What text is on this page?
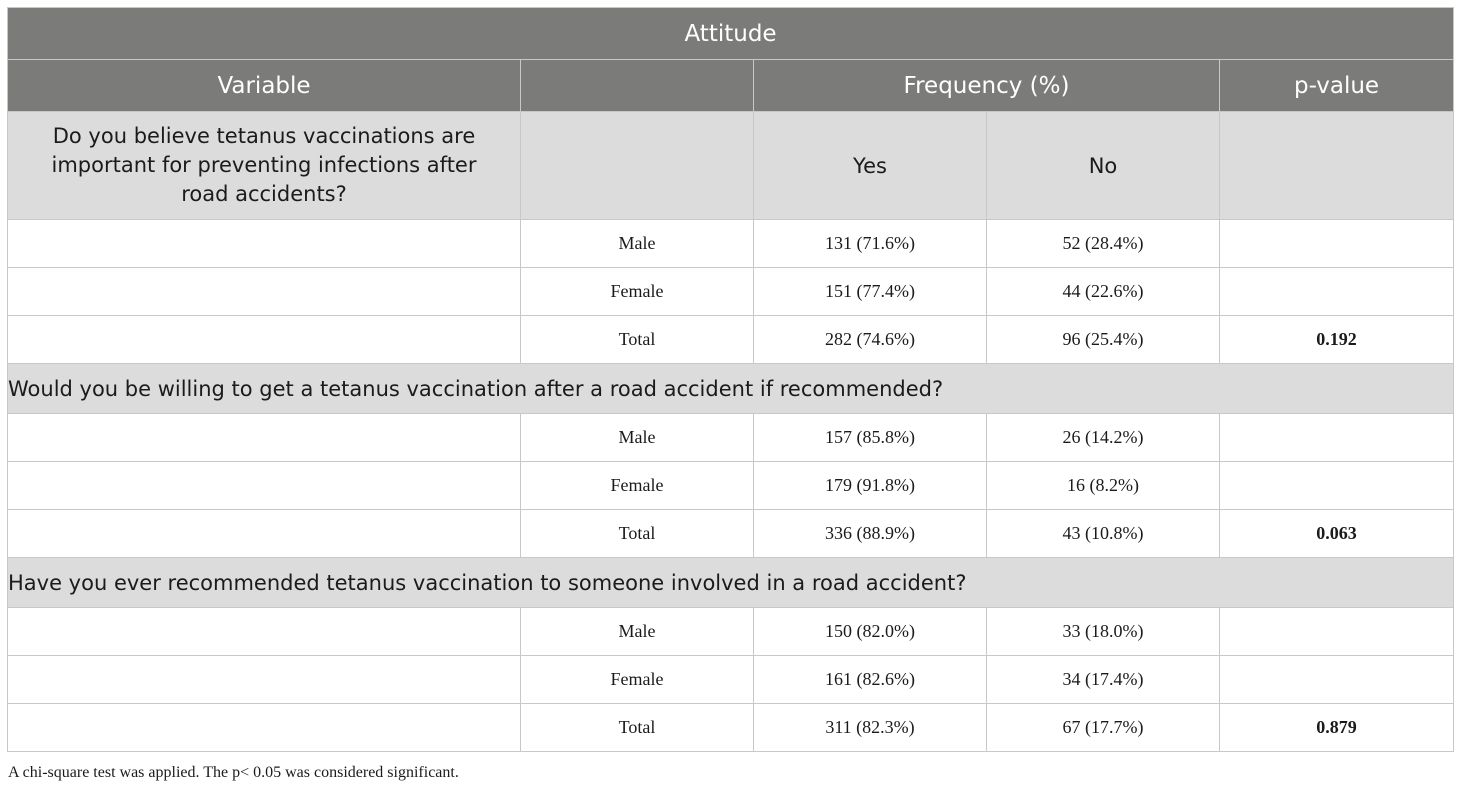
Attitude				
Variable		Frequency (%)		p-value
Do you believe tetanus vaccinations are important for preventing infections after road accidents?		Yes	No	
	Male	131 (71.6%)	52 (28.4%)	
	Female	151 (77.4%)	44 (22.6%)	
	Total	282 (74.6%)	96 (25.4%)	0.192
Would you be willing to get a tetanus vaccination after a road accident if recommended?				
	Male	157 (85.8%)	26 (14.2%)	
	Female	179 (91.8%)	16 (8.2%)	
	Total	336 (88.9%)	43 (10.8%)	0.063
Have you ever recommended tetanus vaccination to someone involved in a road accident?				
	Male	150 (82.0%)	33 (18.0%)	
	Female	161 (82.6%)	34 (17.4%)	
	Total	311 (82.3%)	67 (17.7%)	0.879
A chi-square test was applied. The p< 0.05 was considered significant.
